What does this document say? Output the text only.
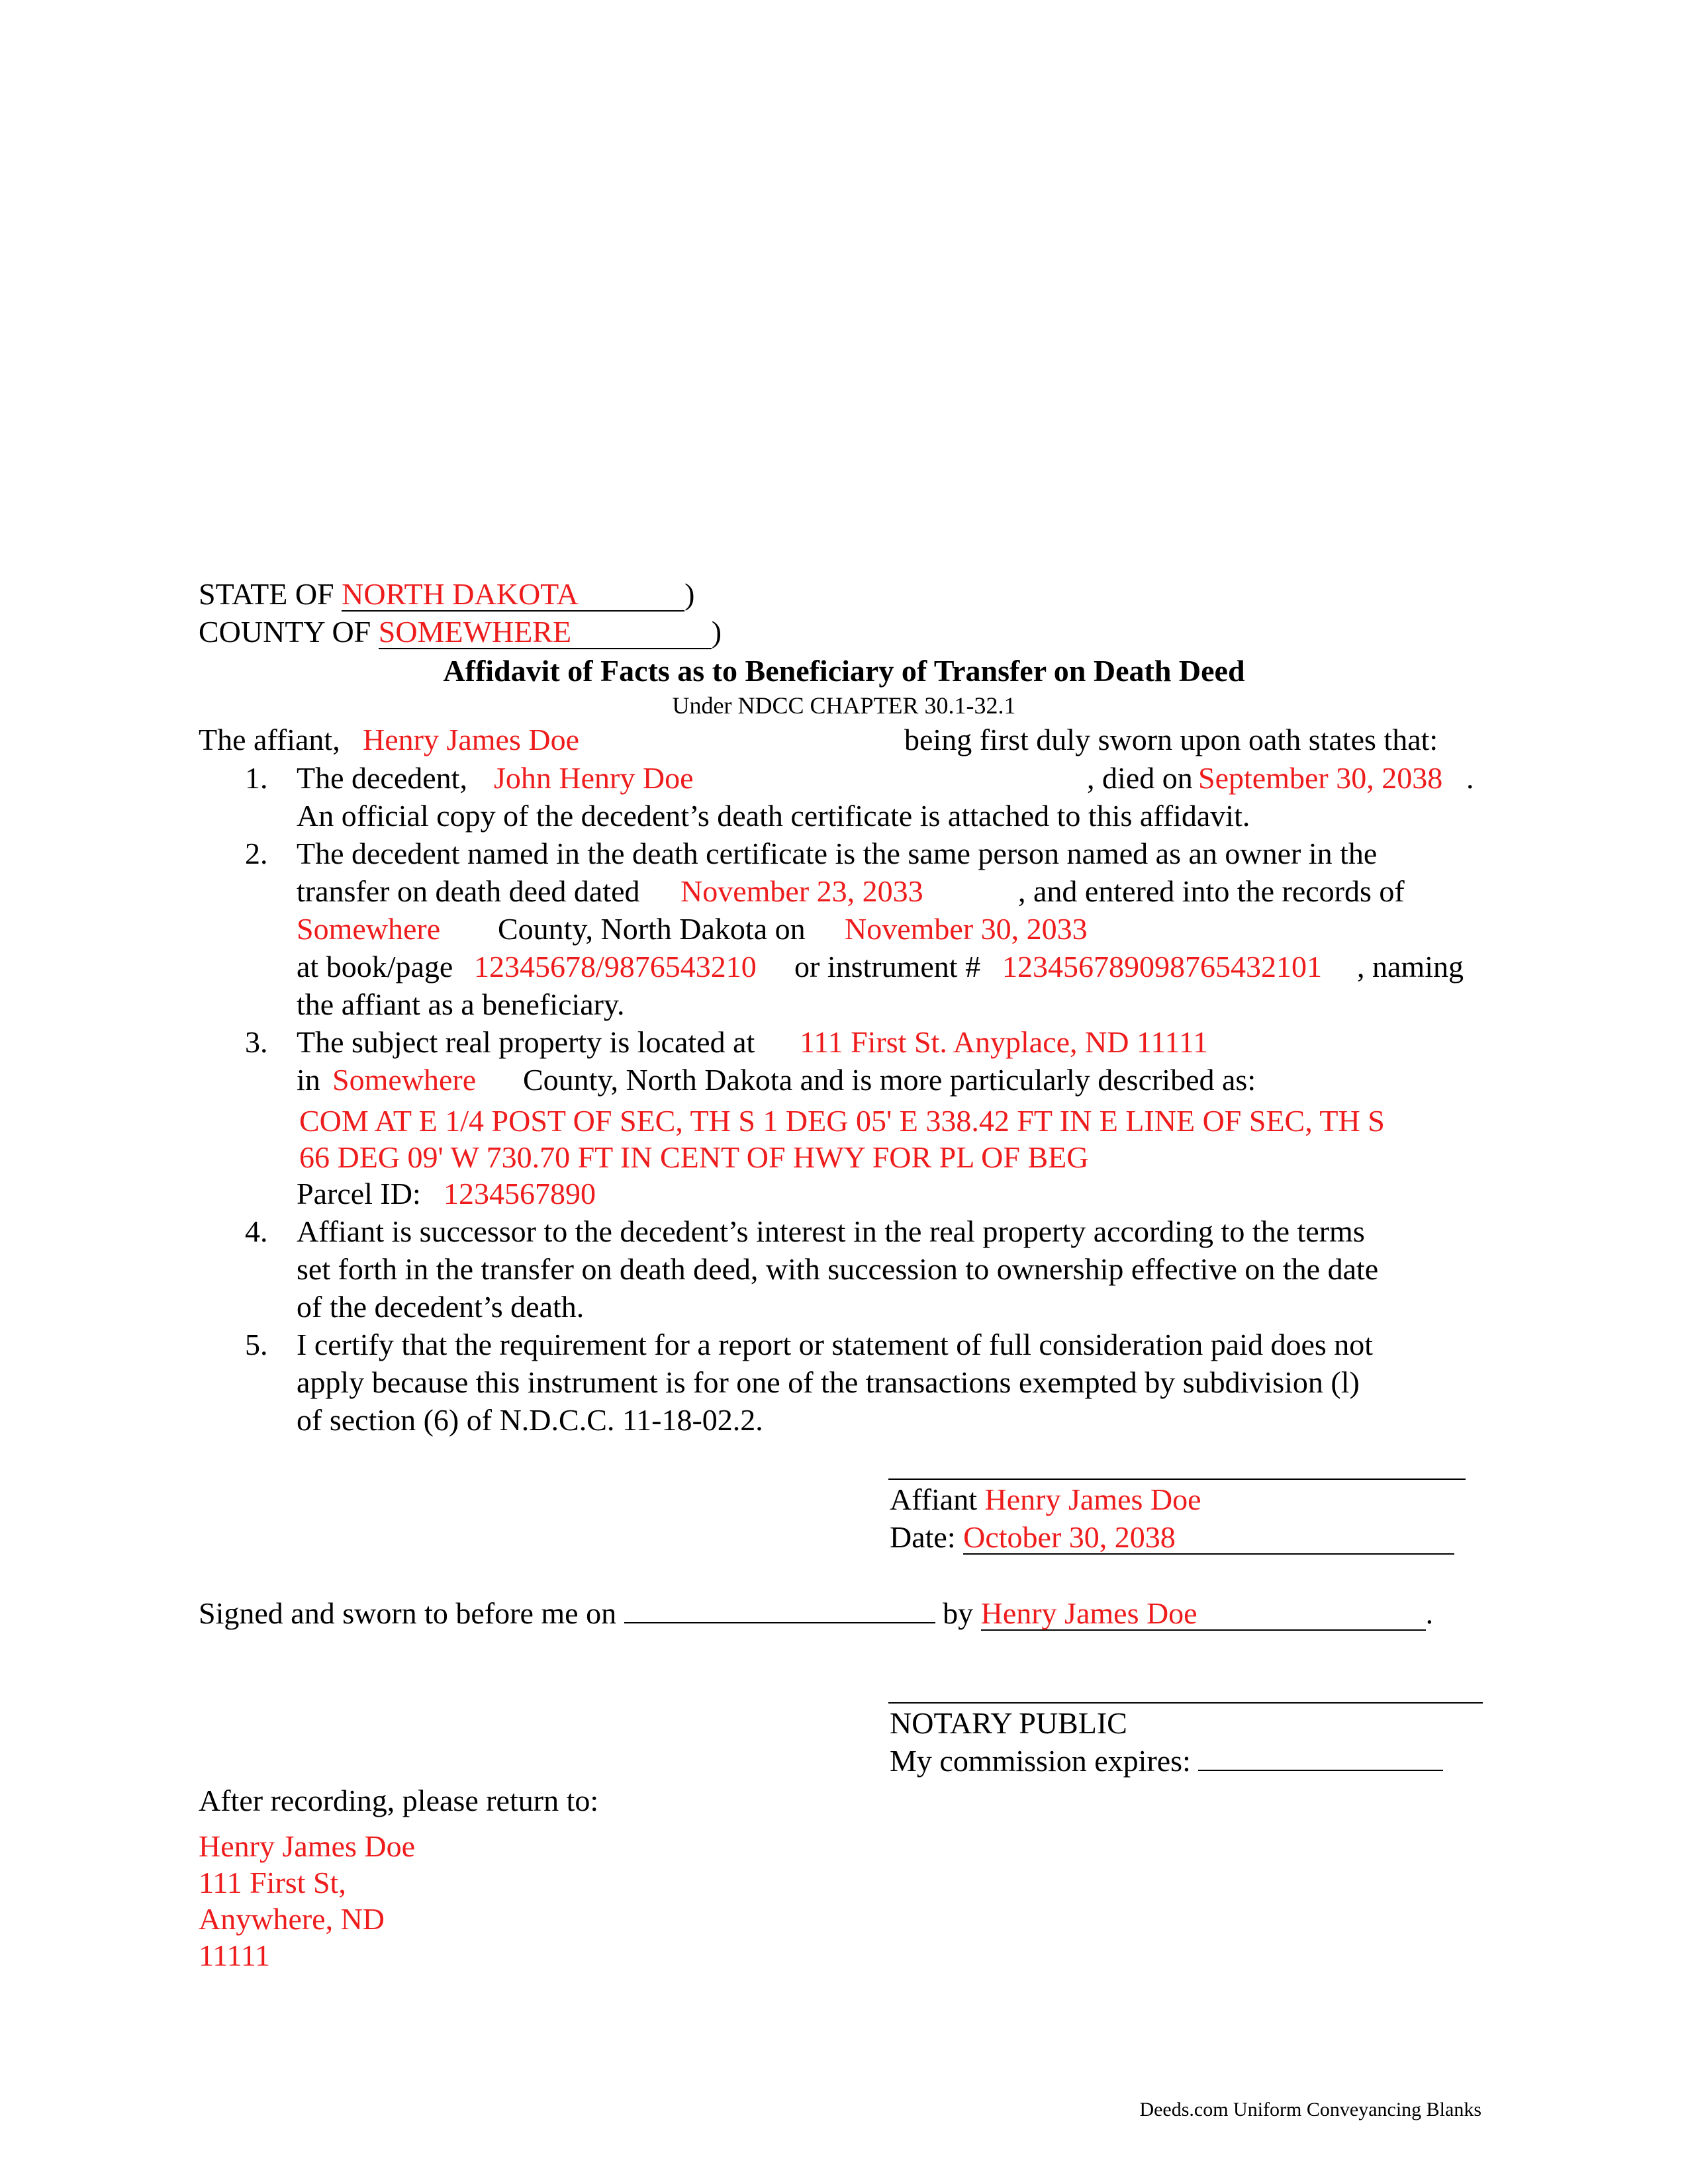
STATE OF NORTH DAKOTA	)
COUNTY OF SOMEWHERE	)
Affidavit of Facts as to Beneficiary of Transfer on Death Deed
Under NDCC CHAPTER 30.1-32.1
The affiant, Henry James Doe	being first duly sworn upon oath states that:
1. The decedent, John Henry Doe	, died on September 30, 2038 .
An official copy of the decedent’s death certificate is attached to this affidavit.
2. The decedent named in the death certificate is the same person named as an owner in the
transfer on death deed dated November 23, 2033	, and entered into the records of
Somewhere County, North Dakota on November 30, 2033
at book/page 12345678/9876543210 or instrument # 12345678909876543210​1 , naming
the affiant as a beneficiary.
3. The subject real property is located at 111 First St. Anyplace, ND 11111
in Somewhere County, North Dakota and is more particularly described as:
COM AT E 1/4 POST OF SEC, TH S 1 DEG 05' E 338.42 FT IN E LINE OF SEC, TH S
66 DEG 09' W 730.70 FT IN CENT OF HWY FOR PL OF BEG
Parcel ID: 1234567890
4. Affiant is successor to the decedent’s interest in the real property according to the terms
set forth in the transfer on death deed, with succession to ownership effective on the date
of the decedent’s death.
5. I certify that the requirement for a report or statement of full consideration paid does not
apply because this instrument is for one of the transactions exempted by subdivision (l)
of section (6) of N.D.C.C. 11-18-02.2.
Affiant Henry James Doe
Date: October 30, 2038
Signed and sworn to before me on	by Henry James Doe	.
NOTARY PUBLIC
My commission expires:
After recording, please return to:
Henry James Doe
111 First St,
Anywhere, ND
11111
Deeds.com Uniform Conveyancing Blanks
